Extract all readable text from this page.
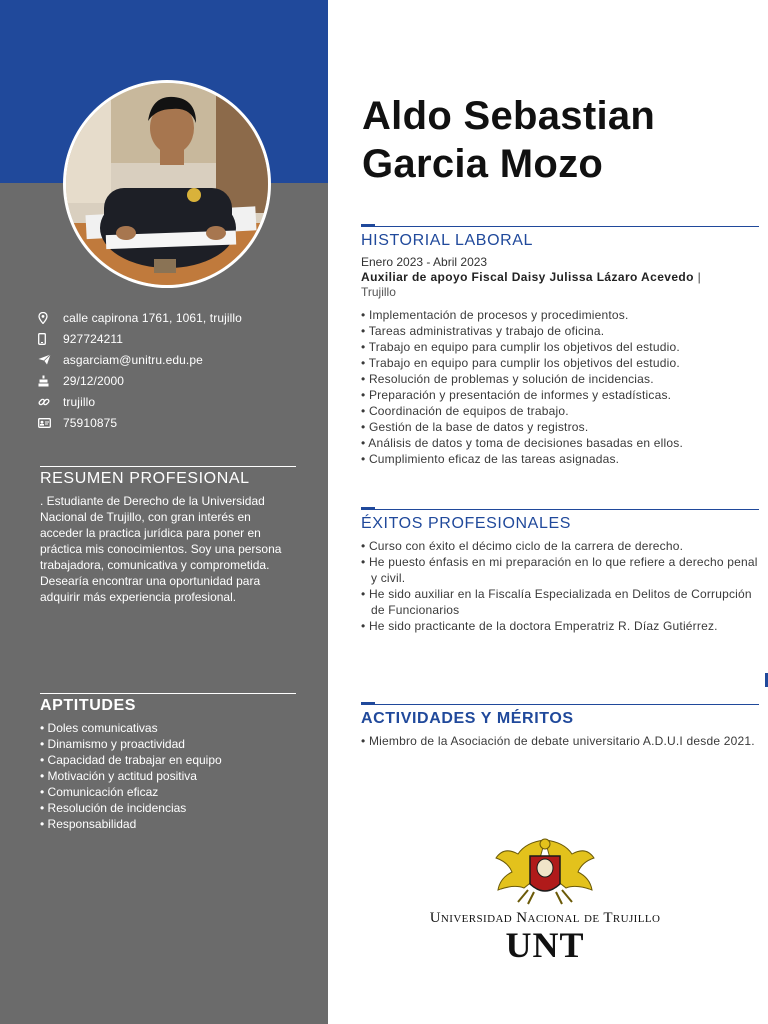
calle capirona 1761, 1061, trujillo
927724211
asgarciam@unitru.edu.pe
29/12/2000
trujillo
75910875
RESUMEN PROFESIONAL
. Estudiante de Derecho de la Universidad Nacional de Trujillo, con gran interés en acceder la practica jurídica para poner en práctica mis conocimientos. Soy una persona trabajadora, comunicativa y comprometida. Desearía encontrar una oportunidad para adquirir más experiencia profesional.
APTITUDES
• Doles comunicativas
• Dinamismo y proactividad
• Capacidad de trabajar en equipo
• Motivación y actitud positiva
• Comunicación eficaz
• Resolución de incidencias
• Responsabilidad
Aldo Sebastian
Garcia Mozo
HISTORIAL LABORAL
Enero 2023 - Abril 2023
Auxiliar de apoyo Fiscal Daisy Julissa Lázaro Acevedo |
Trujillo
• Implementación de procesos y procedimientos.
• Tareas administrativas y trabajo de oficina.
• Trabajo en equipo para cumplir los objetivos del estudio.
• Trabajo en equipo para cumplir los objetivos del estudio.
• Resolución de problemas y solución de incidencias.
• Preparación y presentación de informes y estadísticas.
• Coordinación de equipos de trabajo.
• Gestión de la base de datos y registros.
• Análisis de datos y toma de decisiones basadas en ellos.
• Cumplimiento eficaz de las tareas asignadas.
ÉXITOS PROFESIONALES
• Curso con éxito el décimo ciclo de la carrera de derecho.
• He puesto énfasis en mi preparación en lo que refiere a derecho penal y civil.
• He sido auxiliar en la Fiscalía Especializada en Delitos de Corrupción de Funcionarios
• He sido practicante de la doctora Emperatriz R. Díaz Gutiérrez.
ACTIVIDADES Y MÉRITOS
• Miembro de la Asociación de debate universitario A.D.U.I desde 2021.
Universidad Nacional de Trujillo
UNT
